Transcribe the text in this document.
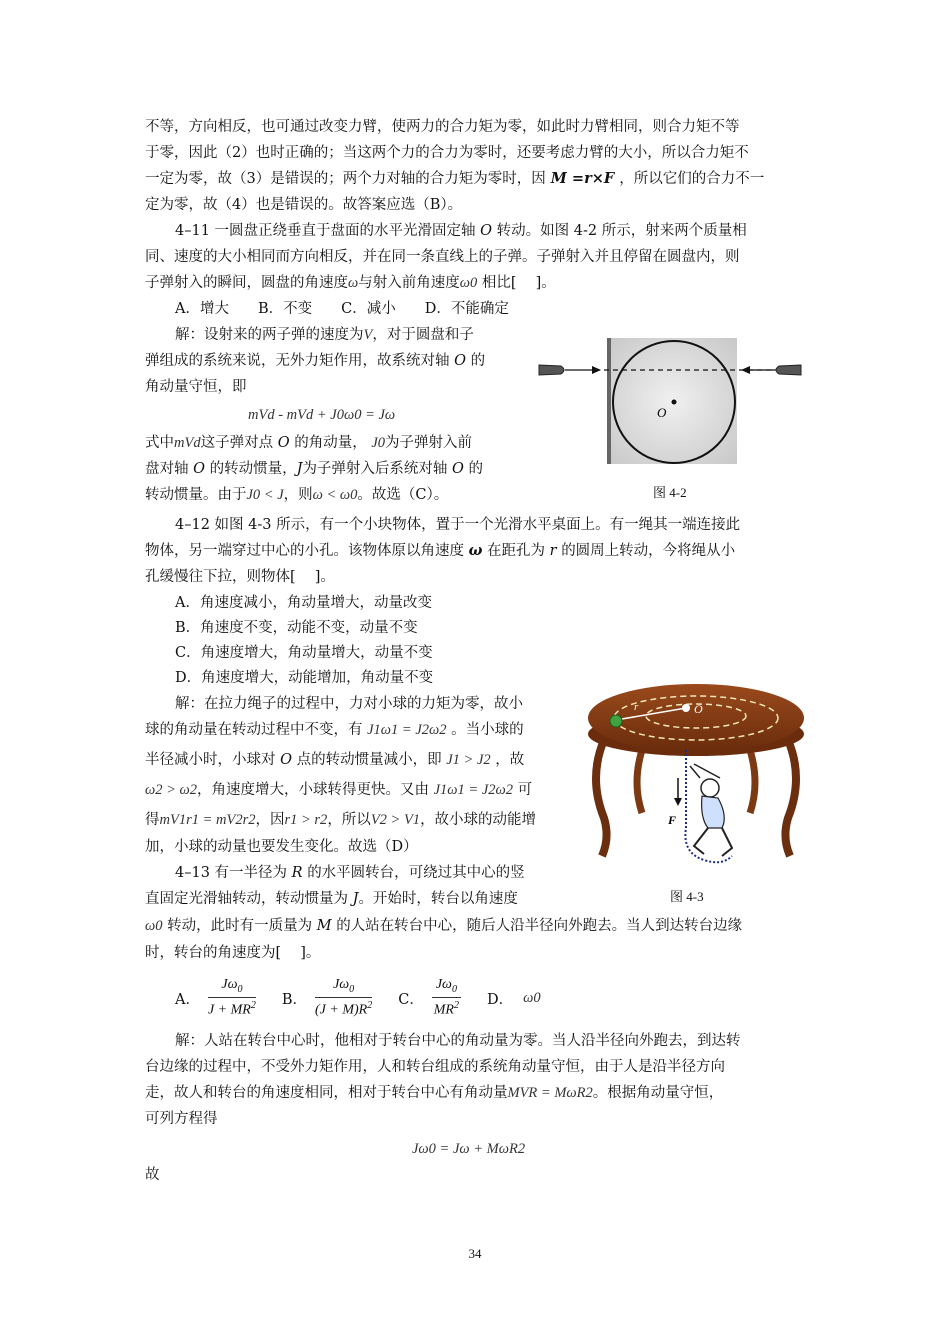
不等，方向相反，也可通过改变力臂，使两力的合力矩为零，如此时力臂相同，则合力矩不等

于零，因此（2）也时正确的；当这两个力的合力为零时，还要考虑力臂的大小，所以合力矩不

一定为零，故（3）是错误的；两个力对轴的合力矩为零时，因 M =r×F ，所以它们的合力不一

定为零，故（4）也是错误的。故答案应选（B）。

4–11 一圆盘正绕垂直于盘面的水平光滑固定轴 O 转动。如图 4-2 所示，射来两个质量相

同、速度的大小相同而方向相反，并在同一条直线上的子弹。子弹射入并且停留在圆盘内，则

子弹射入的瞬间，圆盘的角速度ω与射入前角速度ω0 相比[　 ]。

A．增大　　B．不变　　C．减小　　D．不能确定

解：设射来的两子弹的速度为V，对于圆盘和子

弹组成的系统来说，无外力矩作用，故系统对轴 O 的

角动量守恒，即

mVd - mVd + J0ω0 = Jω

式中mVd这子弹对点 O 的角动量， J0为子弹射入前

盘对轴 O 的转动惯量，J为子弹射入后系统对轴 O 的

转动惯量。由于J0 < J，则ω < ω0。故选（C）。

O
图 4-2

4–12 如图 4-3 所示，有一个小块物体，置于一个光滑水平桌面上。有一绳其一端连接此

物体，另一端穿过中心的小孔。该物体原以角速度 ω 在距孔为 r 的圆周上转动，今将绳从小

孔缓慢往下拉，则物体[　 ]。

A．角速度减小，角动量增大，动量改变

B．角速度不变，动能不变，动量不变

C．角速度增大，角动量增大，动量不变

D．角速度增大，动能增加，角动量不变

解：在拉力绳子的过程中，力对小球的力矩为零，故小

球的角动量在转动过程中不变，有 J1ω1 = J2ω2 。当小球的

半径减小时，小球对 O 点的转动惯量减小，即 J1 > J2 ，故

ω2 > ω2，角速度增大，小球转得更快。又由 J1ω1 = J2ω2 可

得mV1r1 = mV2r2，因r1 > r2，所以V2 > V1，故小球的动能增

加，小球的动量也要发生变化。故选（D）

r	O
F
图 4-3

4–13 有一半径为 R 的水平圆转台，可绕过其中心的竖

直固定光滑轴转动，转动惯量为 J。开始时，转台以角速度

ω0 转动，此时有一质量为 M 的人站在转台中心，随后人沿半径向外跑去。当人到达转台边缘

时，转台的角速度为[　 ]。

A． $\frac{J\omega_0}{J + MR^2}$ B． $\frac{J\omega_0}{(J + M)R^2}$ C． $\frac{J\omega_0}{MR^2}$ D． ω0

解：人站在转台中心时，他相对于转台中心的角动量为零。当人沿半径向外跑去，到达转

台边缘的过程中，不受外力矩作用，人和转台组成的系统角动量守恒，由于人是沿半径方向

走，故人和转台的角速度相同，相对于转台中心有角动量MVR = MωR2。根据角动量守恒，

可列方程得

Jω0 = Jω + MωR2

故

34
